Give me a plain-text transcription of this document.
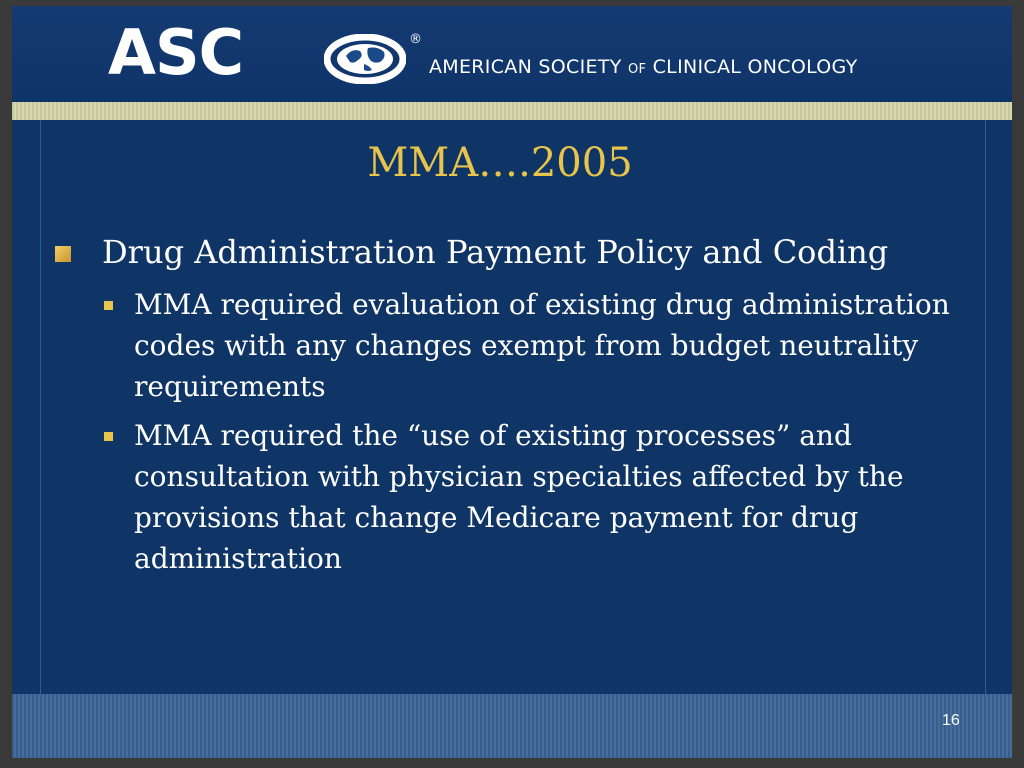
ASC	®
AMERICAN SOCIETY OF CLINICAL ONCOLOGY
16
MMA….2005
Drug Administration Payment Policy and Coding
MMA required evaluation of existing drug administration codes with any changes exempt from budget neutrality requirements
MMA required the “use of existing processes” and consultation with physician specialties affected by the provisions that change Medicare payment for drug administration
